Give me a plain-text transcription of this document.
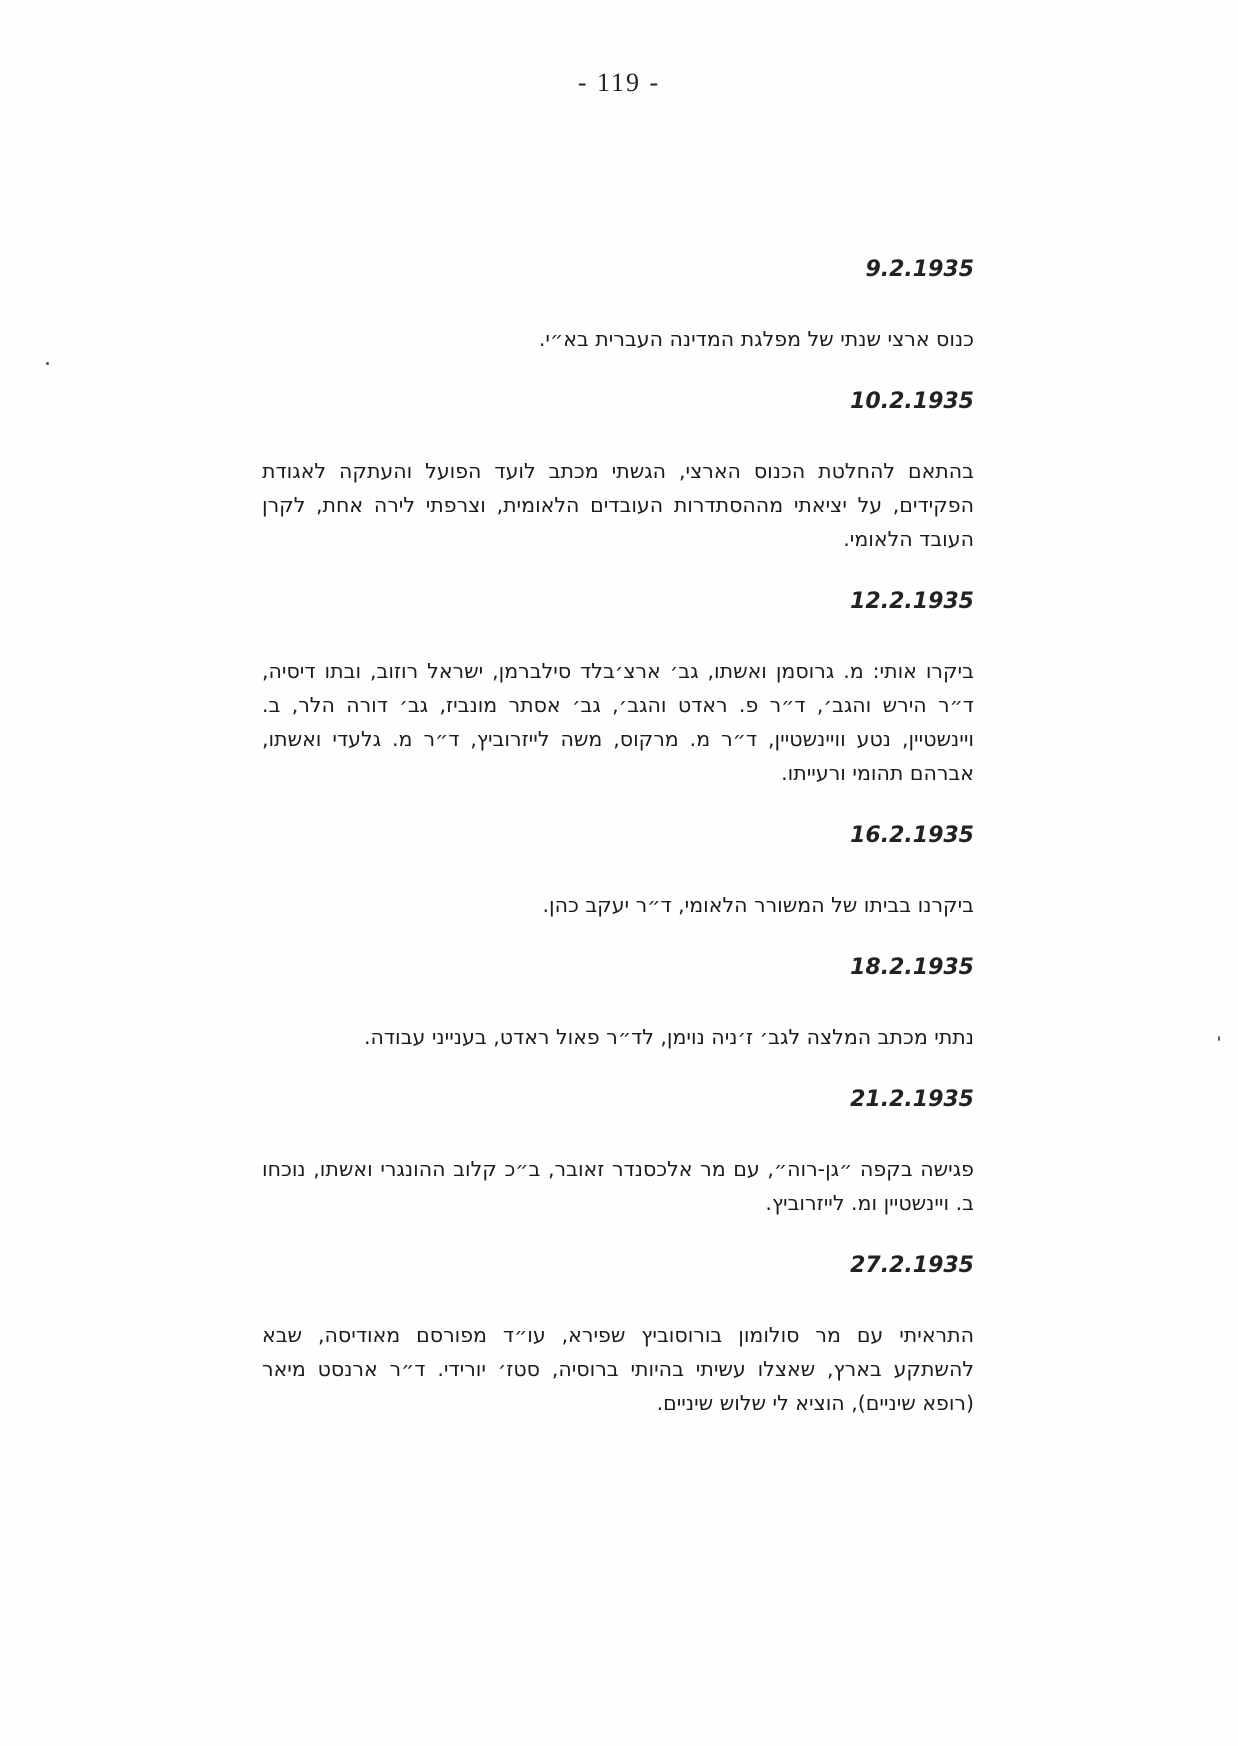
- 119 -
9.2.1935
כנוס ארצי שנתי של מפלגת המדינה העברית בא״י.
10.2.1935
בהתאם להחלטת הכנוס הארצי, הגשתי מכתב לועד הפועל והעתקה לאגודת הפקידים, על יציאתי מההסתדרות העובדים הלאומית, וצרפתי לירה אחת, לקרן העובד הלאומי.
12.2.1935
ביקרו אותי: מ. גרוסמן ואשתו, גב׳ ארצ׳בלד סילברמן, ישראל רוזוב, ובתו דיסיה, ד״ר הירש והגב׳, ד״ר פ. ראדט והגב׳, גב׳ אסתר מונביז, גב׳ דורה הלר, ב. ויינשטיין, נטע וויינשטיין, ד״ר מ. מרקוס, משה לייזרוביץ, ד״ר מ. גלעדי ואשתו, אברהם תהומי ורעייתו.
16.2.1935
ביקרנו בביתו של המשורר הלאומי, ד״ר יעקב כהן.
18.2.1935
נתתי מכתב המלצה לגב׳ ז׳ניה נוימן, לד״ר פאול ראדט, בענייני עבודה.
21.2.1935
פגישה בקפה ״גן-רוה״, עם מר אלכסנדר זאובר, ב״כ קלוב ההונגרי ואשתו, נוכחו ב. ויינשטיין ומ. לייזרוביץ.
27.2.1935
התראיתי עם מר סולומון בורוסוביץ שפירא, עו״ד מפורסם מאודיסה, שבא להשתקע בארץ, שאצלו עשיתי בהיותי ברוסיה, סטז׳ יורידי. ד״ר ארנסט מיאר (רופא שיניים), הוציא לי שלוש שיניים.
